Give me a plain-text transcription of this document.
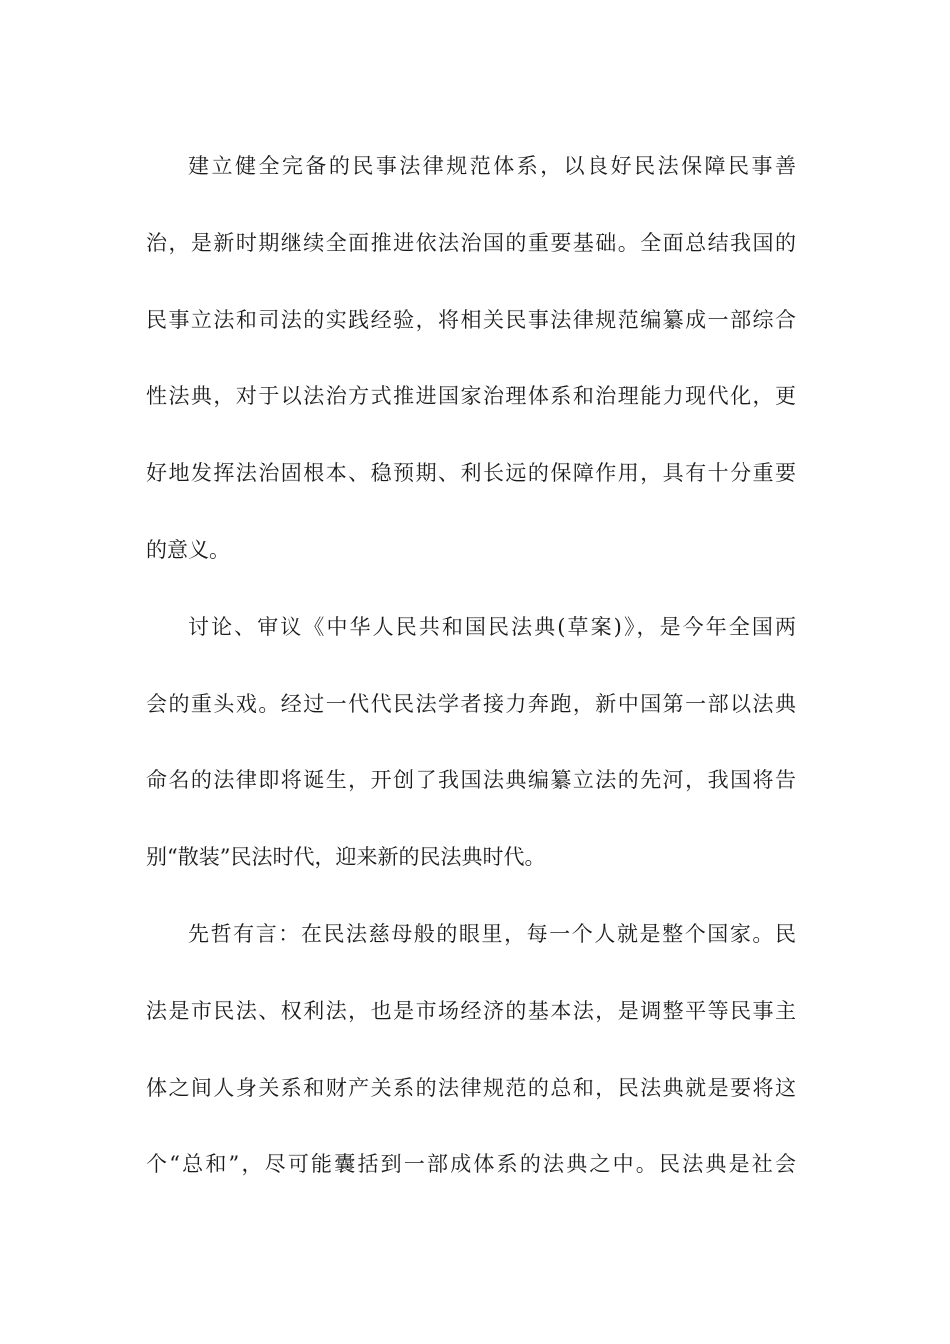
建立健全完备的民事法律规范体系，以良好民法保障民事善
治，是新时期继续全面推进依法治国的重要基础。全面总结我国的
民事立法和司法的实践经验，将相关民事法律规范编纂成一部综合
性法典，对于以法治方式推进国家治理体系和治理能力现代化，更
好地发挥法治固根本、稳预期、利长远的保障作用，具有十分重要
的意义。
讨论、审议《中华人民共和国民法典(草案)》，是今年全国两
会的重头戏。经过一代代民法学者接力奔跑，新中国第一部以法典
命名的法律即将诞生，开创了我国法典编纂立法的先河，我国将告
别“散装”民法时代，迎来新的民法典时代。
先哲有言：在民法慈母般的眼里，每一个人就是整个国家。民
法是市民法、权利法，也是市场经济的基本法，是调整平等民事主
体之间人身关系和财产关系的法律规范的总和，民法典就是要将这
个“总和”，尽可能囊括到一部成体系的法典之中。民法典是社会
